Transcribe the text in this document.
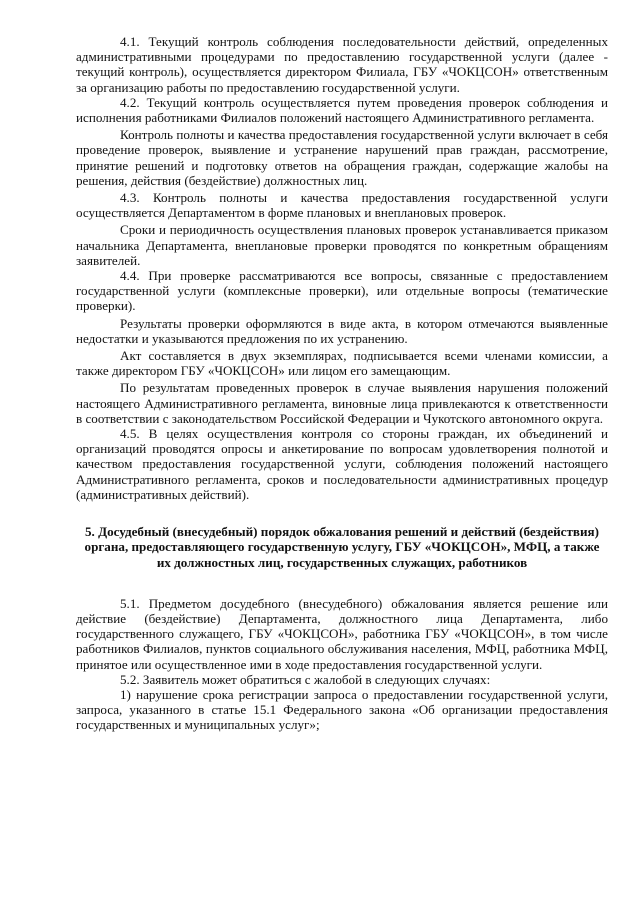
4.1. Текущий контроль соблюдения последовательности действий, определенных административными процедурами по предоставлению государственной услуги (далее - текущий контроль), осуществляется директором Филиала, ГБУ «ЧОКЦСОН» ответственным за организацию работы по предоставлению государственной услуги.

4.2. Текущий контроль осуществляется путем проведения проверок соблюдения и исполнения работниками Филиалов положений настоящего Административного регламента.

Контроль полноты и качества предоставления государственной услуги включает в себя проведение проверок, выявление и устранение нарушений прав граждан, рассмотрение, принятие решений и подготовку ответов на обращения граждан, содержащие жалобы на решения, действия (бездействие) должностных лиц.

4.3. Контроль полноты и качества предоставления государственной услуги осуществляется Департаментом в форме плановых и внеплановых проверок.

Сроки и периодичность осуществления плановых проверок устанавливается приказом начальника Департамента, внеплановые проверки проводятся по конкретным обращениям заявителей.

4.4. При проверке рассматриваются все вопросы, связанные с предоставлением государственной услуги (комплексные проверки), или отдельные вопросы (тематические проверки).

Результаты проверки оформляются в виде акта, в котором отмечаются выявленные недостатки и указываются предложения по их устранению.

Акт составляется в двух экземплярах, подписывается всеми членами комиссии, а также директором ГБУ «ЧОКЦСОН» или лицом его замещающим.

По результатам проведенных проверок в случае выявления нарушения положений настоящего Административного регламента, виновные лица привлекаются к ответственности в соответствии с законодательством Российской Федерации и Чукотского автономного округа.

4.5. В целях осуществления контроля со стороны граждан, их объединений и организаций проводятся опросы и анкетирование по вопросам удовлетворения полнотой и качеством предоставления государственной услуги, соблюдения положений настоящего Административного регламента, сроков и последовательности административных процедур (административных действий).

5. Досудебный (внесудебный) порядок обжалования решений и действий (бездействия) органа, предоставляющего государственную услугу, ГБУ «ЧОКЦСОН», МФЦ, а также их должностных лиц, государственных служащих, работников

5.1. Предметом досудебного (внесудебного) обжалования является решение или действие (бездействие) Департамента, должностного лица Департамента, либо государственного служащего, ГБУ «ЧОКЦСОН», работника ГБУ «ЧОКЦСОН», в том числе работников Филиалов, пунктов социального обслуживания населения, МФЦ, работника МФЦ, принятое или осуществленное ими в ходе предоставления государственной услуги.

5.2. Заявитель может обратиться с жалобой в следующих случаях:

1) нарушение срока регистрации запроса о предоставлении государственной услуги, запроса, указанного в статье 15.1 Федерального закона «Об организации предоставления государственных и муниципальных услуг»;
